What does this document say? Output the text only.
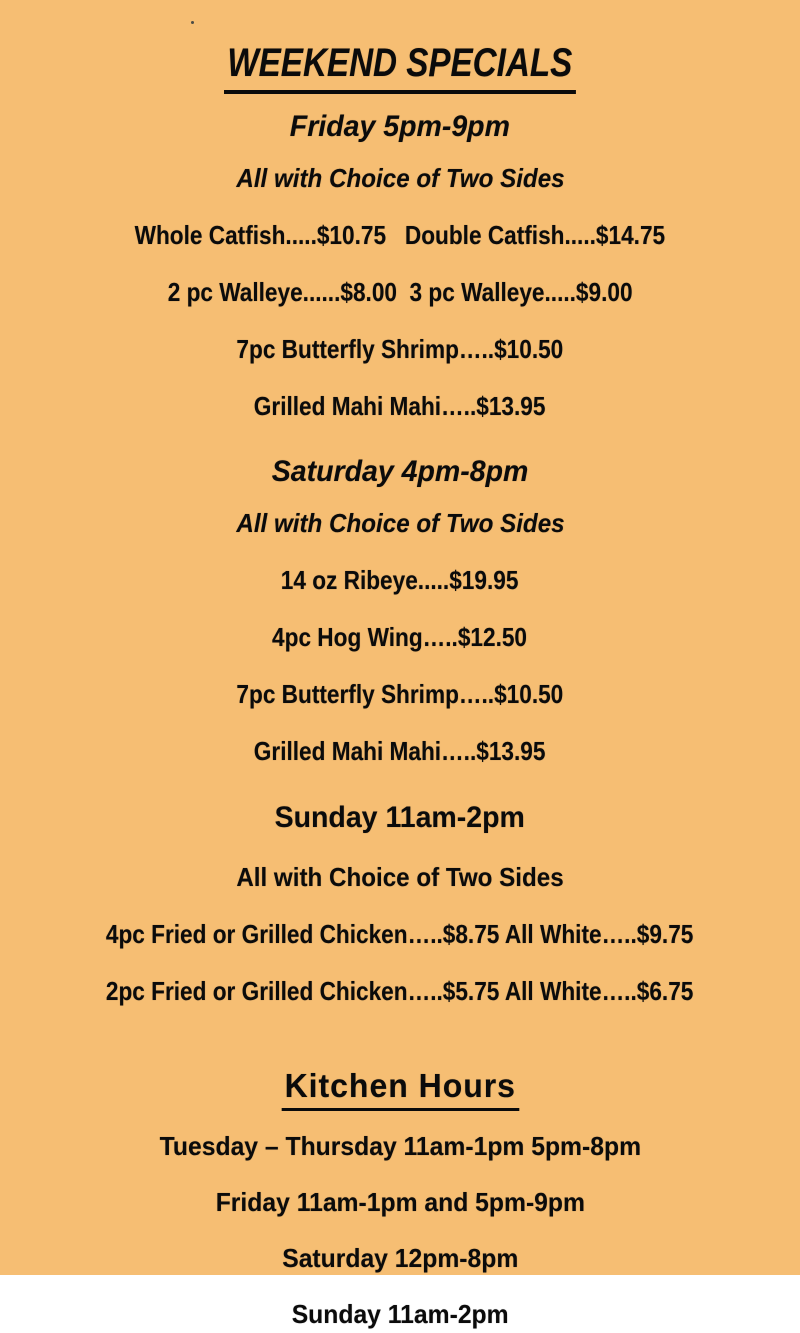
WEEKEND SPECIALS
Friday 5pm-9pm
All with Choice of Two Sides
Whole Catfish.....$10.75   Double Catfish.....$14.75
2 pc Walleye......$8.00  3 pc Walleye.....$9.00
7pc Butterfly Shrimp…..$10.50
Grilled Mahi Mahi…..$13.95
Saturday 4pm-8pm
All with Choice of Two Sides
14 oz Ribeye.....$19.95
4pc Hog Wing…..$12.50
7pc Butterfly Shrimp…..$10.50
Grilled Mahi Mahi…..$13.95
Sunday 11am-2pm
All with Choice of Two Sides
4pc Fried or Grilled Chicken…..$8.75 All White…..$9.75
2pc Fried or Grilled Chicken…..$5.75 All White…..$6.75
Kitchen Hours
Tuesday – Thursday 11am-1pm 5pm-8pm
Friday 11am-1pm and 5pm-9pm
Saturday 12pm-8pm
Sunday 11am-2pm
